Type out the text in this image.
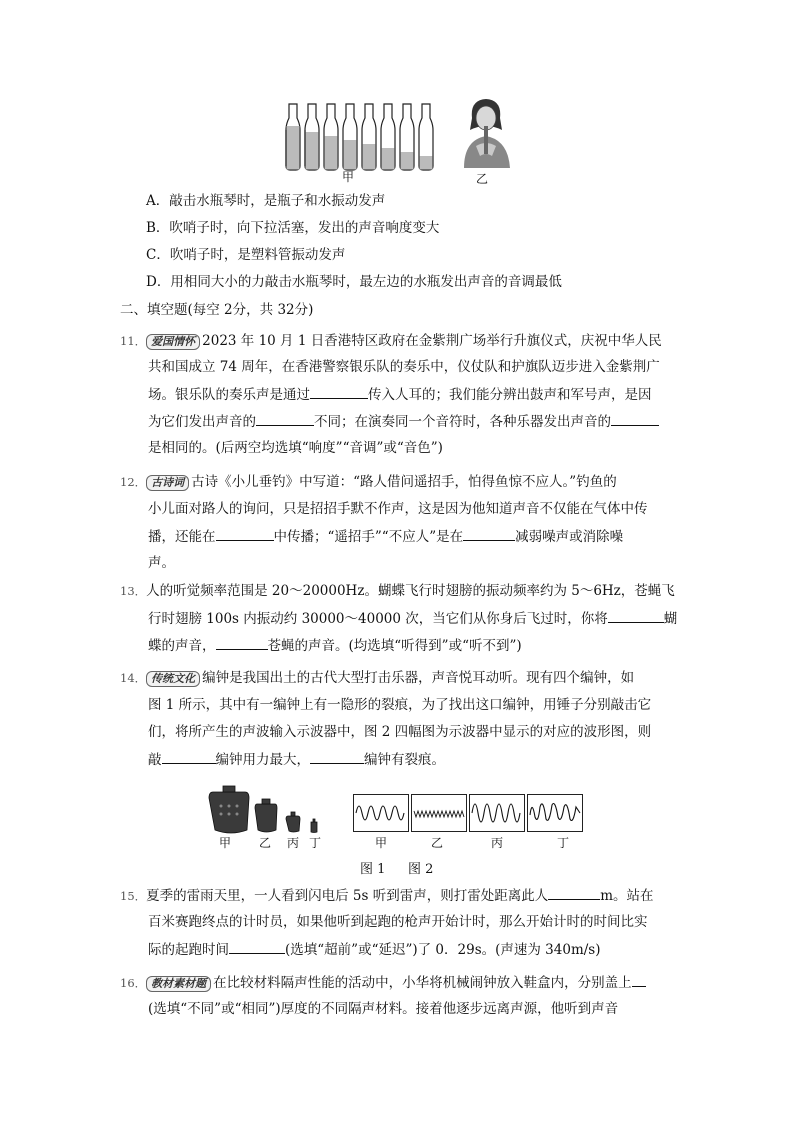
甲	乙
A．敲击水瓶琴时，是瓶子和水振动发声
B．吹哨子时，向下拉活塞，发出的声音响度变大
C．吹哨子时，是塑料管振动发声
D．用相同大小的力敲击水瓶琴时，最左边的水瓶发出声音的音调最低
二、填空题(每空 2分，共 32分)
11． 爱国情怀 2023 年 10 月 1 日香港特区政府在金紫荆广场举行升旗仪式，庆祝中华人民
共和国成立 74 周年，在香港警察银乐队的奏乐中，仪仗队和护旗队迈步进入金紫荆广
场。银乐队的奏乐声是通过	传入人耳的；我们能分辨出鼓声和军号声，是因
为它们发出声音的	不同；在演奏同一个音符时，各种乐器发出声音的
是相同的。(后两空均选填“响度”“音调”或“音色”)
12． 古诗词 古诗《小儿垂钓》中写道：“路人借问遥招手，怕得鱼惊不应人。”钓鱼的
小儿面对路人的询问，只是招招手默不作声，这是因为他知道声音不仅能在气体中传
播，还能在	中传播；“遥招手”“不应人”是在	减弱噪声或消除噪
声。
13．人的听觉频率范围是 20～20000Hz。蝴蝶飞行时翅膀的振动频率约为 5～6Hz，苍蝇飞
行时翅膀 100s 内振动约 30000～40000 次，当它们从你身后飞过时，你将	蝴
蝶的声音，	苍蝇的声音。(均选填“听得到”或“听不到”)
14． 传统文化 编钟是我国出土的古代大型打击乐器，声音悦耳动听。现有四个编钟，如
图 1 所示，其中有一编钟上有一隐形的裂痕，为了找出这口编钟，用锤子分别敲击它
们，将所产生的声波输入示波器中，图 2 四幅图为示波器中显示的对应的波形图，则
敲	编钟用力最大，	编钟有裂痕。
甲 乙 丙 丁	甲	乙	丙	丁
图 1 图 2
15．夏季的雷雨天里，一人看到闪电后 5s 听到雷声，则打雷处距离此人	m。站在
百米赛跑终点的计时员，如果他听到起跑的枪声开始计时，那么开始计时的时间比实
际的起跑时间	(选填“超前”或“延迟”)了 0．29s。(声速为 340m/s)
16． 教材素材题 在比较材料隔声性能的活动中，小华将机械闹钟放入鞋盒内，分别盖上
(选填“不同”或“相同”)厚度的不同隔声材料。接着他逐步远离声源，他听到声音
